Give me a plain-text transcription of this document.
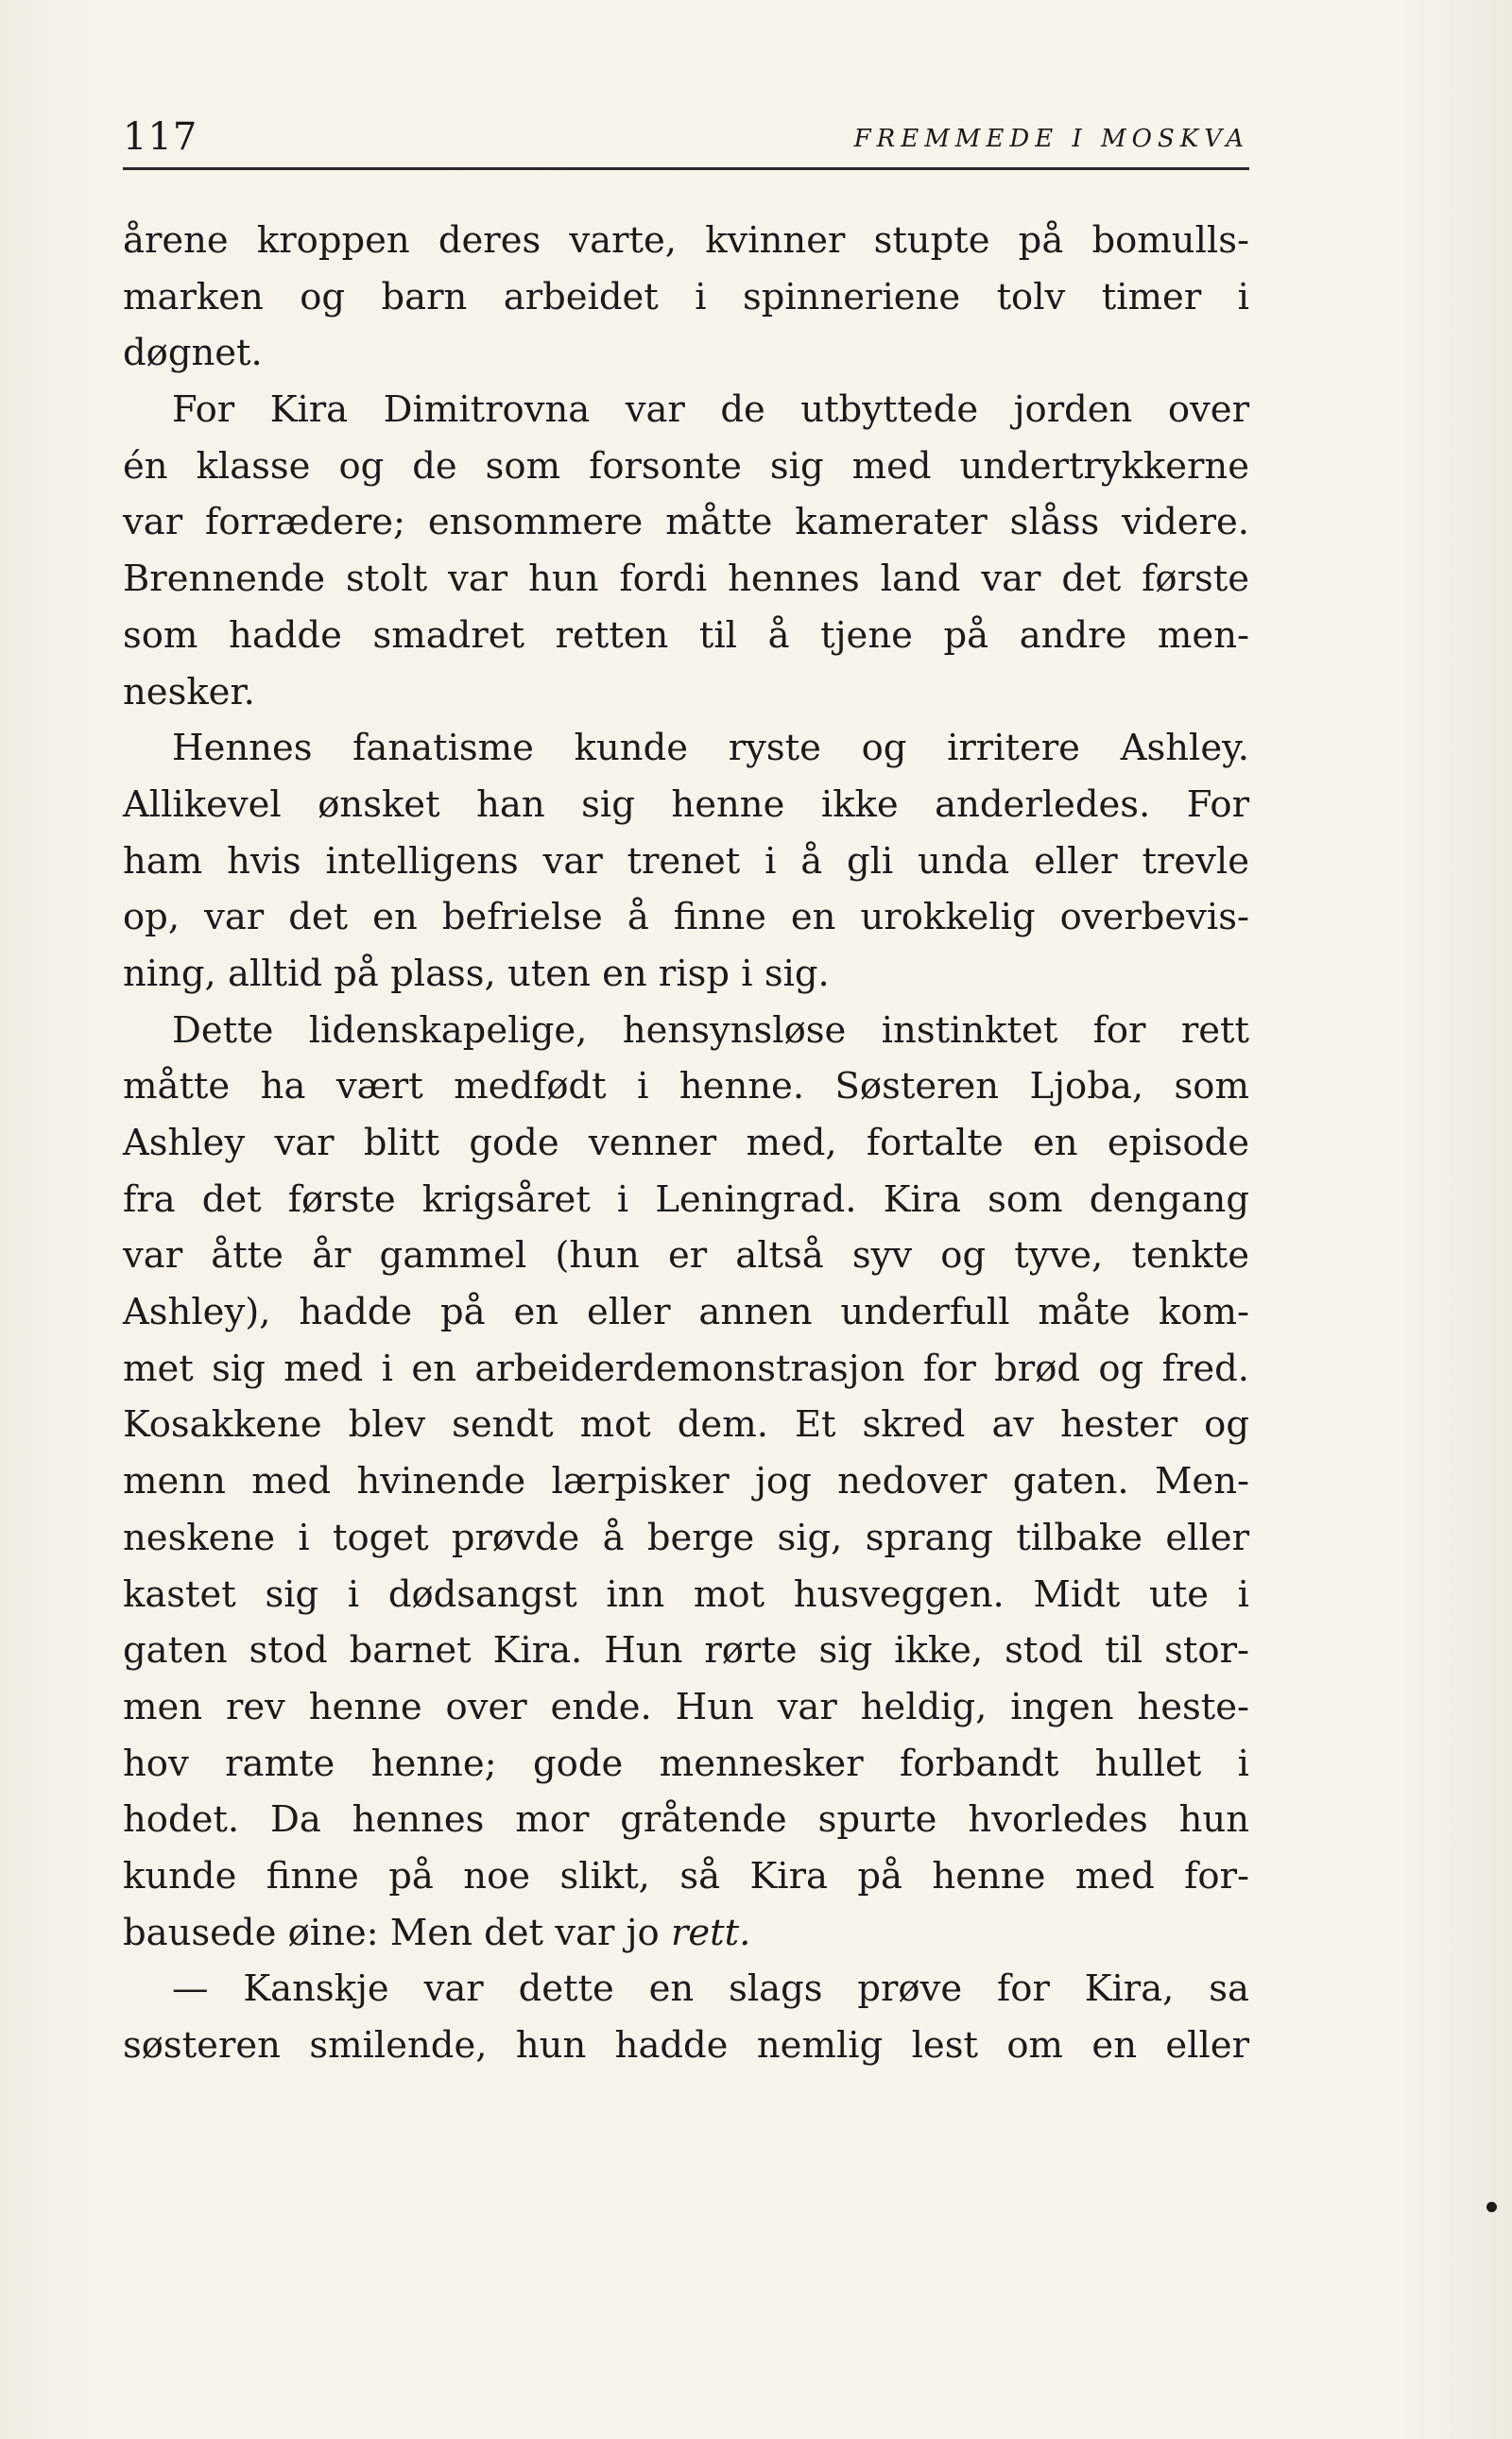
117	FREMMEDE I MOSKVA
årene kroppen deres varte, kvinner stupte på bomulls-
marken og barn arbeidet i spinneriene tolv timer i
døgnet.
For Kira Dimitrovna var de utbyttede jorden over
én klasse og de som forsonte sig med undertrykkerne
var forrædere; ensommere måtte kamerater slåss videre.
Brennende stolt var hun fordi hennes land var det første
som hadde smadret retten til å tjene på andre men-
nesker.
Hennes fanatisme kunde ryste og irritere Ashley.
Allikevel ønsket han sig henne ikke anderledes. For
ham hvis intelligens var trenet i å gli unda eller trevle
op, var det en befrielse å finne en urokkelig overbevis-
ning, alltid på plass, uten en risp i sig.
Dette lidenskapelige, hensynsløse instinktet for rett
måtte ha vært medfødt i henne. Søsteren Ljoba, som
Ashley var blitt gode venner med, fortalte en episode
fra det første krigsåret i Leningrad. Kira som dengang
var åtte år gammel (hun er altså syv og tyve, tenkte
Ashley), hadde på en eller annen underfull måte kom-
met sig med i en arbeiderdemonstrasjon for brød og fred.
Kosakkene blev sendt mot dem. Et skred av hester og
menn med hvinende lærpisker jog nedover gaten. Men-
neskene i toget prøvde å berge sig, sprang tilbake eller
kastet sig i dødsangst inn mot husveggen. Midt ute i
gaten stod barnet Kira. Hun rørte sig ikke, stod til stor-
men rev henne over ende. Hun var heldig, ingen heste-
hov ramte henne; gode mennesker forbandt hullet i
hodet. Da hennes mor gråtende spurte hvorledes hun
kunde finne på noe slikt, så Kira på henne med for-
bausede øine: Men det var jo rett.
— Kanskje var dette en slags prøve for Kira, sa
søsteren smilende, hun hadde nemlig lest om en eller
